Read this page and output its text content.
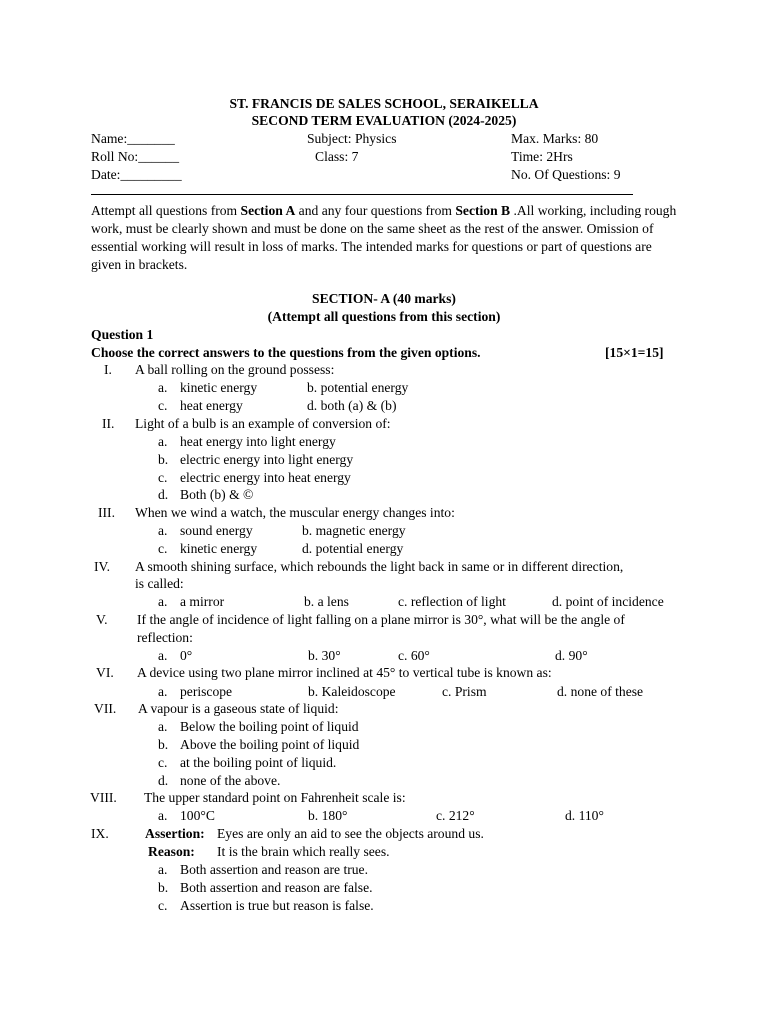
ST. FRANCIS DE SALES SCHOOL, SERAIKELLA
SECOND TERM EVALUATION (2024-2025)
Name:_______	Subject: Physics	Max. Marks: 80
Roll No:______	Class: 7	Time: 2Hrs
Date:_________	No. Of Questions: 9
Attempt all questions from Section A and any four questions from Section B .All working, including rough work, must be clearly shown and must be done on the same sheet as the rest of the answer. Omission of essential working will result in loss of marks. The intended marks for questions or part of questions are given in brackets.
SECTION- A (40 marks)
(Attempt all questions from this section)
Question 1
Choose the correct answers to the questions from the given options.	[15×1=15]
I. A ball rolling on the ground possess:
a. kinetic energy	b. potential energy
c. heat energy	d. both (a) & (b)
II. Light of a bulb is an example of conversion of:
a. heat energy into light energy
b. electric energy into light energy
c. electric energy into heat energy
d. Both (b) & ©
III. When we wind a watch, the muscular energy changes into:
a. sound energy	b. magnetic energy
c. kinetic energy	d. potential energy
IV. A smooth shining surface, which rebounds the light back in same or in different direction,
is called:
a. a mirror	b. a lens	c. reflection of light	d. point of incidence
V. If the angle of incidence of light falling on a plane mirror is 30°, what will be the angle of
reflection:
a. 0°	b. 30°	c. 60°	d. 90°
VI. A device using two plane mirror inclined at 45° to vertical tube is known as:
a. periscope	b. Kaleidoscope	c. Prism	d. none of these
VII. A vapour is a gaseous state of liquid:
a. Below the boiling point of liquid
b. Above the boiling point of liquid
c. at the boiling point of liquid.
d. none of the above.
VIII. The upper standard point on Fahrenheit scale is:
a. 100°C	b. 180°	c. 212°	d. 110°
IX.	Assertion: Eyes are only an aid to see the objects around us.
Reason: It is the brain which really sees.
a. Both assertion and reason are true.
b. Both assertion and reason are false.
c. Assertion is true but reason is false.
